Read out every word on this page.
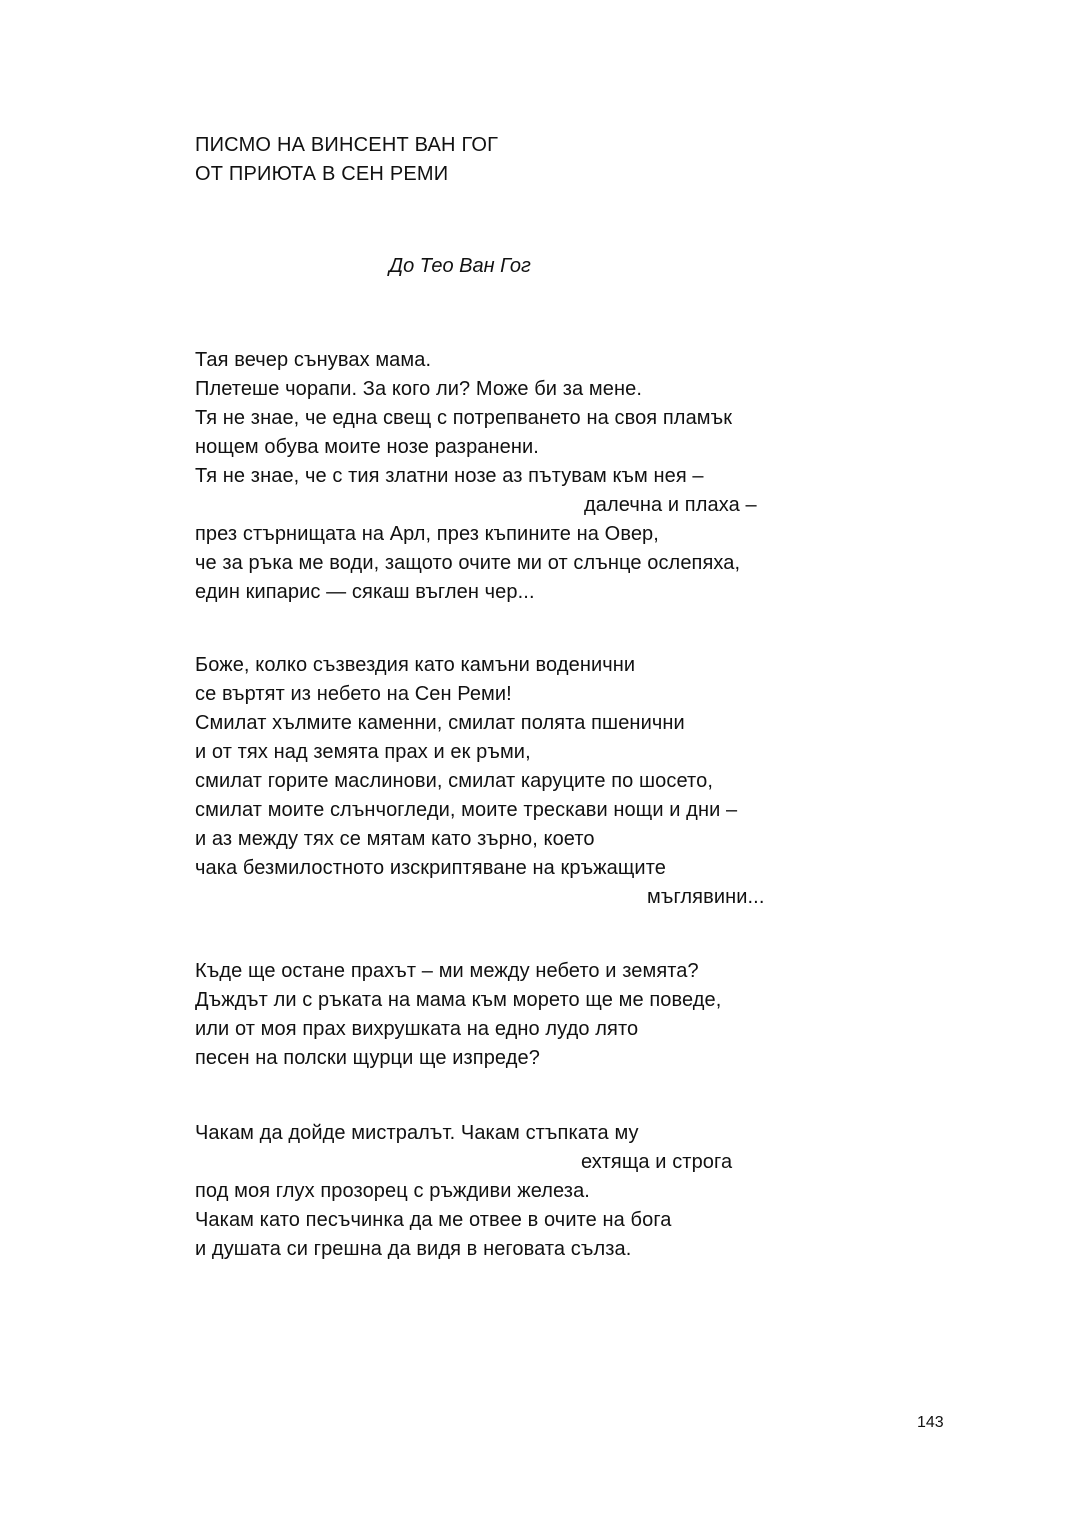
ПИСМО НА ВИНСЕНТ ВАН ГОГ
ОТ ПРИЮТА В СЕН РЕМИ
До Тео Ван Гог
Тая вечер сънувах мама.
Плетеше чорапи. За кого ли? Може би за мене.
Тя не знае, че една свещ с потрепването на своя пламък
нощем обува моите нозе разранени.
Тя не знае, че с тия златни нозе аз пътувам към нея –
далечна и плаха –
през стърнищата на Арл, през къпините на Овер,
че за ръка ме води, защото очите ми от слънце ослепяха,
един кипарис — сякаш въглен чер...
Боже, колко съзвездия като камъни воденични
се въртят из небето на Сен Реми!
Смилат хълмите каменни, смилат полята пшенични
и от тях над земята прах и ек ръми,
смилат горите маслинови, смилат каруците по шосето,
смилат моите слънчогледи, моите трескави нощи и дни –
и аз между тях се мятам като зърно, което
чака безмилостното изскриптяване на кръжащите
мъглявини...
Къде ще остане прахът – ми между небето и земята?
Дъждът ли с ръката на мама към морето ще ме поведе,
или от моя прах вихрушката на едно лудо лято
песен на полски щурци ще изпреде?
Чакам да дойде мистралът. Чакам стъпката му
ехтяща и строга
под моя глух прозорец с ръждиви железа.
Чакам като песъчинка да ме отвее в очите на бога
и душата си грешна да видя в неговата сълза.
143
